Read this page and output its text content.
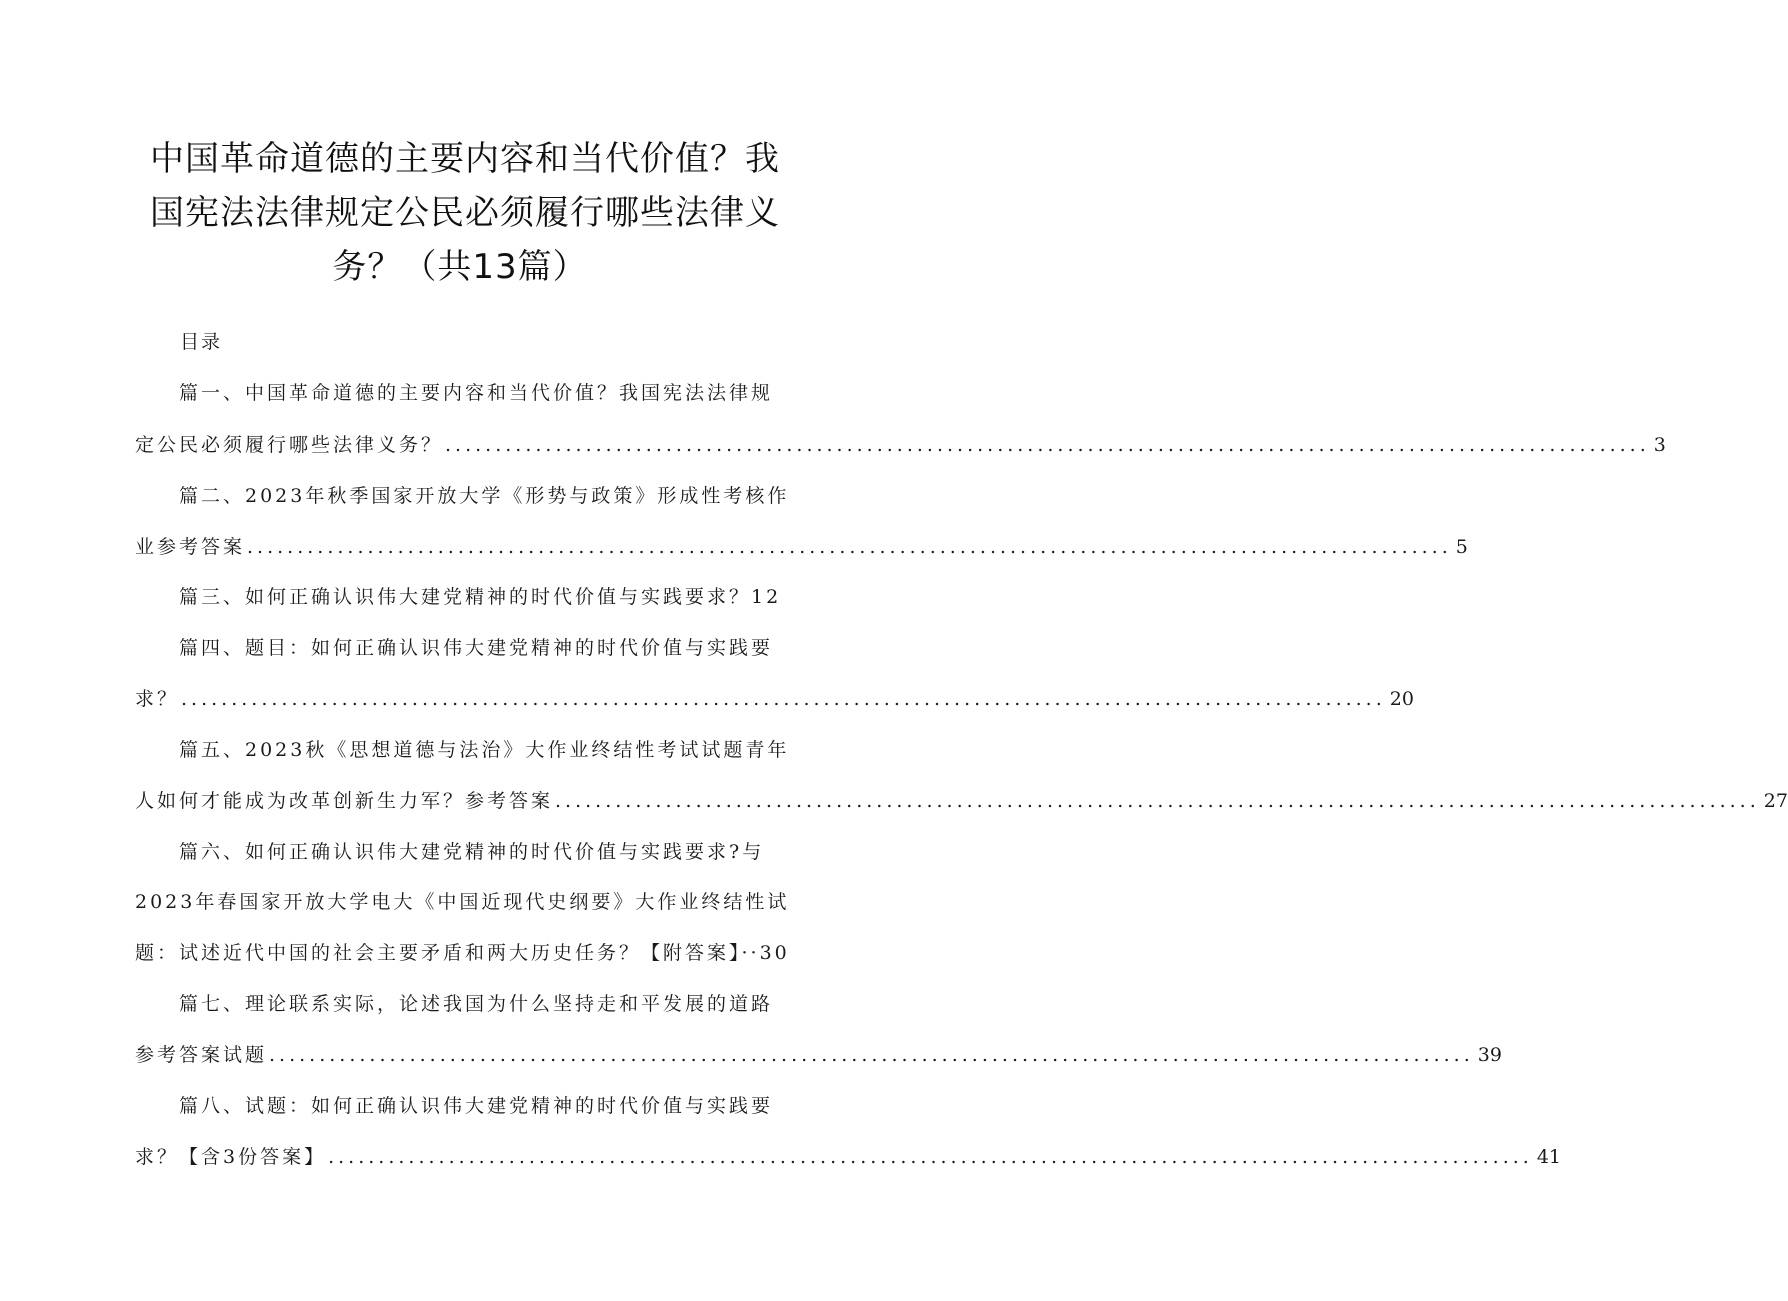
中国革命道德的主要内容和当代价值？我
国宪法法律规定公民必须履行哪些法律义
务？（共13篇）
目录
篇一、中国革命道德的主要内容和当代价值？我国宪法法律规
定公民必须履行哪些法律义务？ ........................................................................................................................ 3
篇二、2023年秋季国家开放大学《形势与政策》形成性考核作
业参考答案 ........................................................................................................................ 5
篇三、如何正确认识伟大建党精神的时代价值与实践要求？12
篇四、题目：如何正确认识伟大建党精神的时代价值与实践要
求？ ........................................................................................................................ 20
篇五、2023秋《思想道德与法治》大作业终结性考试试题青年
人如何才能成为改革创新生力军？参考答案 ........................................................................................................................ 27
篇六、如何正确认识伟大建党精神的时代价值与实践要求?与
2023年春国家开放大学电大《中国近现代史纲要》大作业终结性试
题：试述近代中国的社会主要矛盾和两大历史任务？【附答案】··30
篇七、理论联系实际，论述我国为什么坚持走和平发展的道路
参考答案试题 ........................................................................................................................ 39
篇八、试题：如何正确认识伟大建党精神的时代价值与实践要
求？【含3份答案】 ........................................................................................................................ 41
